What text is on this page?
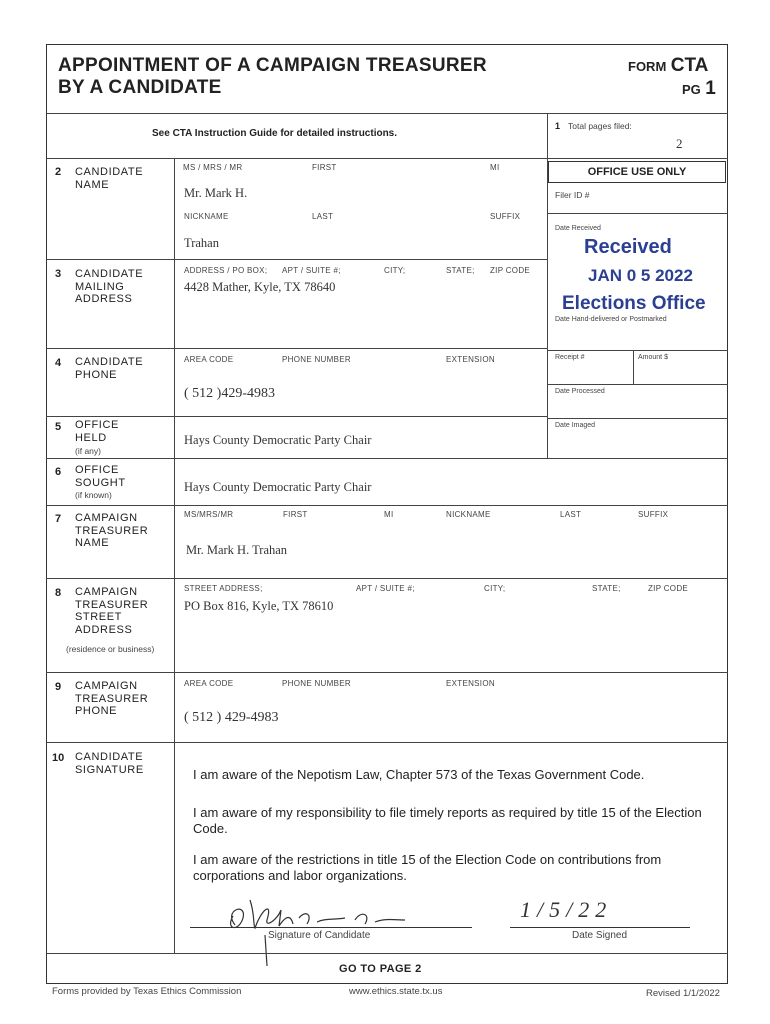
APPOINTMENT OF A CAMPAIGN TREASURER
BY A CANDIDATE
FORM CTA
PG 1
See CTA Instruction Guide for detailed instructions.
1 Total pages filed:
2
OFFICE USE ONLY
Filer ID #
Date Received
Received
JAN 0 5 2022
Elections Office
Date Hand-delivered or Postmarked
Receipt #	Amount $
Date Processed
Date Imaged
2 CANDIDATE NAME
MS / MRS / MR	FIRST	MI
Mr. Mark H.
NICKNAME	LAST	SUFFIX
Trahan
3 CANDIDATE MAILING ADDRESS
ADDRESS / PO BOX; APT / SUITE #;	CITY;	STATE; ZIP CODE
4428 Mather, Kyle, TX 78640
4 CANDIDATE PHONE
AREA CODE	PHONE NUMBER	EXTENSION
( 512 )429-4983
5 OFFICE HELD
(if any)
Hays County Democratic Party Chair
6 OFFICE SOUGHT
(if known)
Hays County Democratic Party Chair
7 CAMPAIGN TREASURER NAME
MS/MRS/MR	FIRST	MI	NICKNAME	LAST	SUFFIX
Mr. Mark H. Trahan
8 CAMPAIGN TREASURER STREET ADDRESS
(residence or business)
STREET ADDRESS;	APT / SUITE #;	CITY;	STATE;	ZIP CODE
PO Box 816, Kyle, TX 78610
9 CAMPAIGN TREASURER PHONE
AREA CODE	PHONE NUMBER	EXTENSION
( 512 ) 429-4983
10 CANDIDATE SIGNATURE	I am aware of the Nepotism Law, Chapter 573 of the Texas Government Code.
I am aware of my responsibility to file timely reports as required by title 15 of the Election Code.
I am aware of the restrictions in title 15 of the Election Code on contributions from corporations and labor organizations.
Signature of Candidate
1/5/22
Date Signed
GO TO PAGE 2
Forms provided by Texas Ethics Commission	www.ethics.state.tx.us	Revised 1/1/2022
